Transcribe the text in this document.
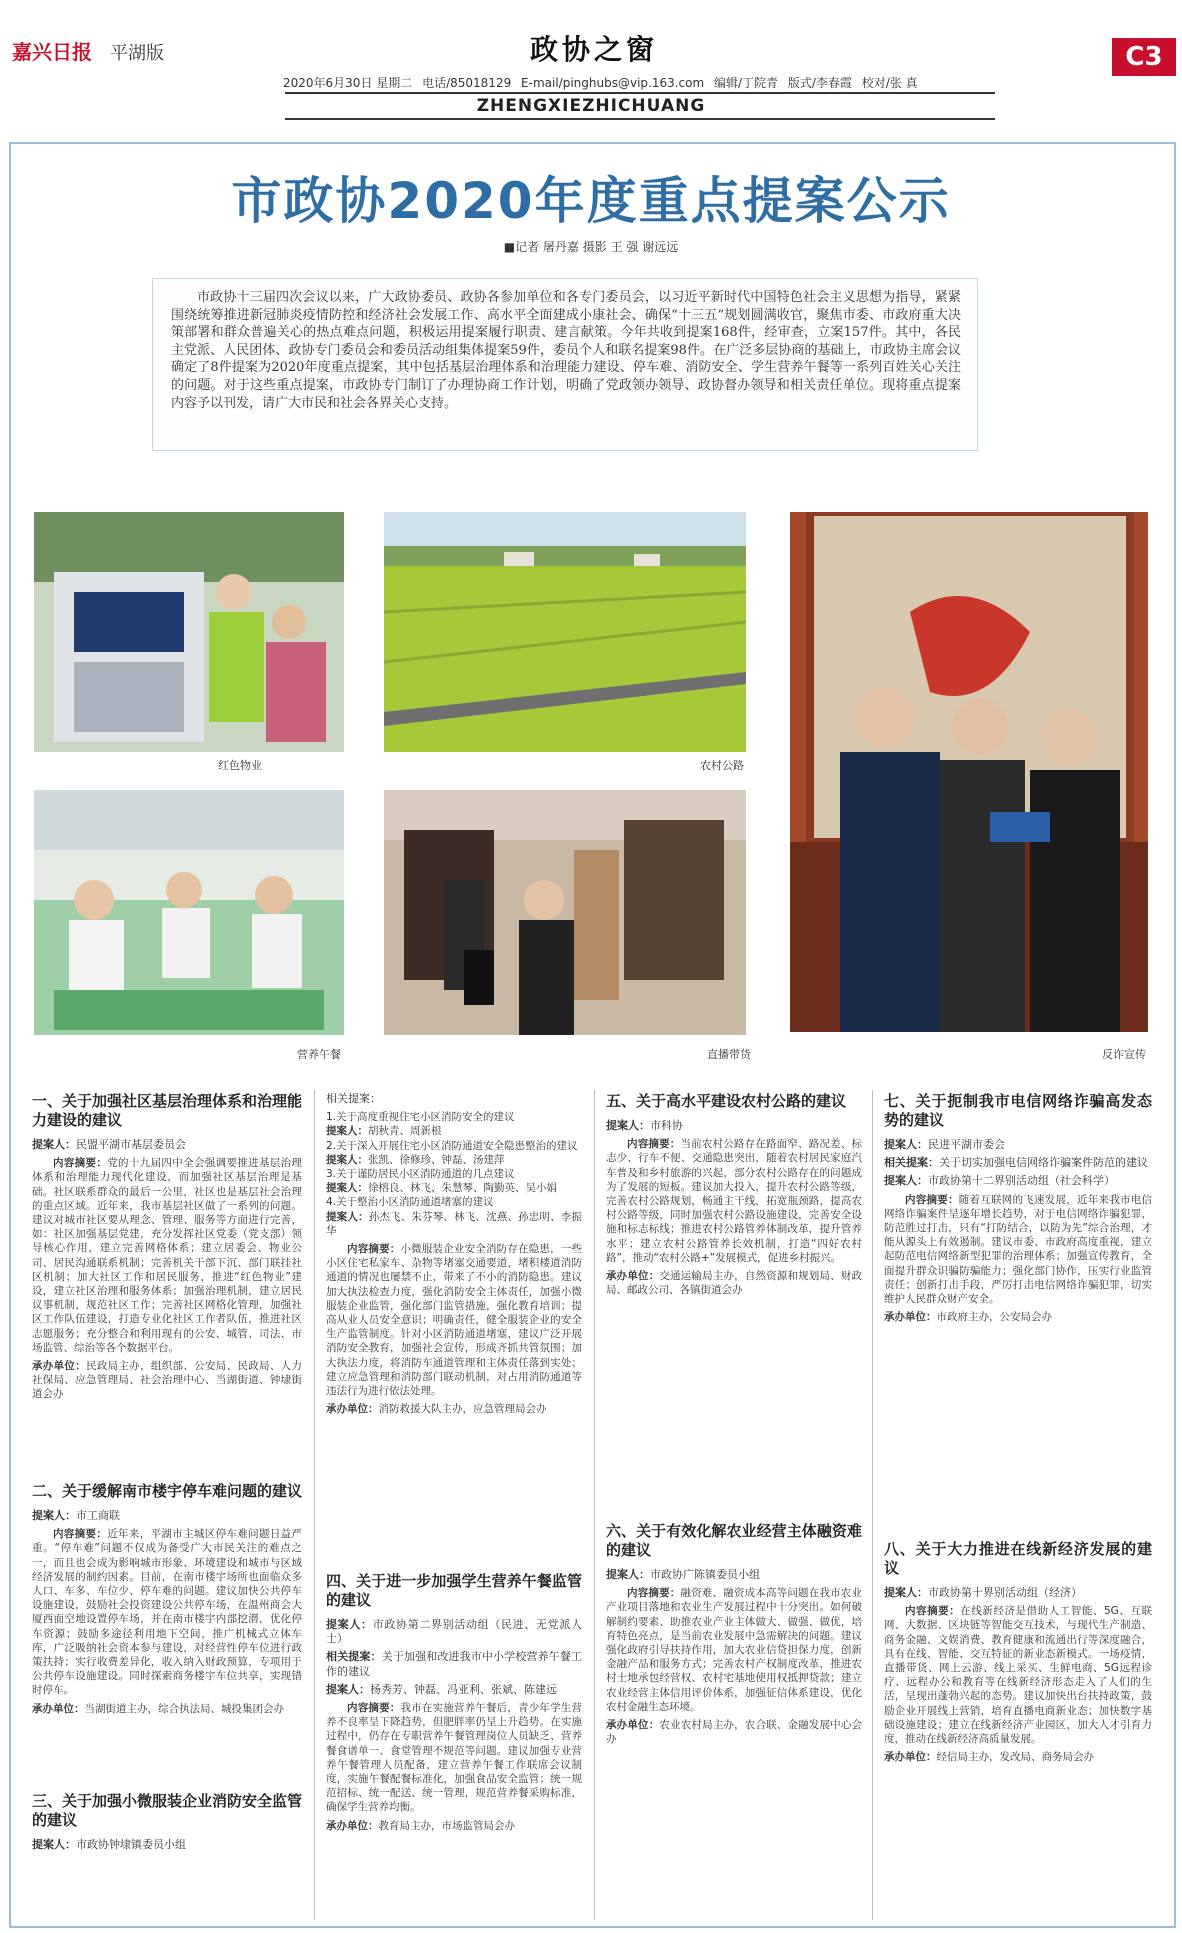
嘉兴日报 平湖版	政协之窗	C3
2020年6月30日 星期二 电话/85018129 E-mail/pinghubs@vip.163.com 编辑/丁院青 版式/李春霞 校对/张 真
ZHENGXIEZHICHUANG
市政协2020年度重点提案公示
■记者 屠丹嘉 摄影 王 强 谢远远
市政协十三届四次会议以来，广大政协委员、政协各参加单位和各专门委员会，以习近平新时代中国特色社会主义思想为指导，紧紧围绕统筹推进新冠肺炎疫情防控和经济社会发展工作、高水平全面建成小康社会、确保“十三五”规划圆满收官，聚焦市委、市政府重大决策部署和群众普遍关心的热点难点问题，积极运用提案履行职责、建言献策。今年共收到提案168件，经审查，立案157件。其中，各民主党派、人民团体、政协专门委员会和委员活动组集体提案59件，委员个人和联名提案98件。在广泛多层协商的基础上，市政协主席会议确定了8件提案为2020年度重点提案，其中包括基层治理体系和治理能力建设、停车难、消防安全、学生营养午餐等一系列百姓关心关注的问题。对于这些重点提案，市政协专门制订了办理协商工作计划，明确了党政领办领导、政协督办领导和相关责任单位。现将重点提案内容予以刊发，请广大市民和社会各界关心支持。
红色物业	农村公路
反诈宣传
营养午餐	直播带货
一、关于加强社区基层治理体系和治理能力建设的建议
提案人：民盟平湖市基层委员会
内容摘要：党的十九届四中全会强调要推进基层治理体系和治理能力现代化建设，而加强社区基层治理是基础。社区联系群众的最后一公里，社区也是基层社会治理的重点区域。近年来，我市基层社区做了一系列的问题。建议对城市社区要从理念、管理、服务等方面进行完善，如：社区加强基层党建，充分发挥社区党委（党支部）领导核心作用，建立完善网格体系；建立居委会、物业公司、居民沟通联系机制；完善机关干部下沉、部门联挂社区机制；加大社区工作和居民服务，推进“红色物业”建设，建立社区治理和服务体系；加强治理机制，建立居民议事机制，规范社区工作；完善社区网格化管理，加强社区工作队伍建设，打造专业化社区工作者队伍，推进社区志愿服务；充分整合和利用现有的公安、城管、司法、市场监管、综治等各个数据平台。
承办单位：民政局主办，组织部、公安局、民政局、人力社保局、应急管理局、社会治理中心、当湖街道、钟埭街道会办
二、关于缓解南市楼宇停车难问题的建议
提案人：市工商联
内容摘要：近年来，平湖市主城区停车难问题日益严重。“停车难”问题不仅成为备受广大市民关注的难点之一，而且也会成为影响城市形象、环境建设和城市与区域经济发展的制约因素。目前，在南市楼宇场所也面临众多人口、车多、车位少、停车难的问题。建议加快公共停车设施建设，鼓励社会投资建设公共停车场，在温州商会大厦西面空地设置停车场，并在南市楼宇内部挖潜，优化停车资源；鼓励多途径利用地下空间，推广机械式立体车库，广泛吸纳社会资本参与建设，对经营性停车位进行政策扶持；实行收费差异化，收入纳入财政预算，专项用于公共停车设施建设。同时探索商务楼宇车位共享，实现错时停车。
承办单位：当湖街道主办，综合执法局、城投集团会办
三、关于加强小微服装企业消防安全监管的建议
提案人：市政协钟埭镇委员小组
相关提案：
1.关于高度重视住宅小区消防安全的建议
提案人：胡秋青、周新根
2.关于深入开展住宅小区消防通道安全隐患整治的建议
提案人：张凯、徐修珍、钟磊、汤建萍
3.关于谨防居民小区消防通道的几点建议
提案人：徐榕良、林飞、朱慧琴、陶勤英、吴小娟
4.关于整治小区消防通道堵塞的建议
提案人：孙杰飞、朱芬琴、林飞、沈燕、孙忠明、李振华
内容摘要：小微服装企业安全消防存在隐患，一些小区住宅私家车、杂物等堵塞交通要道，堵积楼道消防通道的情况也屡禁不止，带来了不小的消防隐患。建议加大执法检查力度，强化消防安全主体责任，加强小微服装企业监管，强化部门监管措施，强化教育培训；提高从业人员安全意识；明确责任，健全服装企业的安全生产监管制度。针对小区消防通道堵塞，建议广泛开展消防安全教育，加强社会宣传，形成齐抓共管氛围；加大执法力度，将消防车通道管理和主体责任落到实处；建立应急管理和消防部门联动机制，对占用消防通道等违法行为进行依法处理。
承办单位：消防救援大队主办，应急管理局会办
四、关于进一步加强学生营养午餐监管的建议
提案人：市政协第二界别活动组（民进、无党派人士）
相关提案：关于加强和改进我市中小学校营养午餐工作的建议
提案人：杨秀芳、钟磊、冯亚利、张斌、陈建远
内容摘要：我市在实施营养午餐后，青少年学生营养不良率呈下降趋势，但肥胖率仍呈上升趋势。在实施过程中，仍存在专职营养午餐管理岗位人员缺乏、营养餐食谱单一、食堂管理不规范等问题。建议加强专业营养午餐管理人员配备，建立营养午餐工作联席会议制度，实施午餐配餐标准化，加强食品安全监管；统一规范招标、统一配送、统一管理，规范营养餐采购标准，确保学生营养均衡。
承办单位：教育局主办，市场监管局会办
五、关于高水平建设农村公路的建议
提案人：市科协
内容摘要：当前农村公路存在路面窄、路况差、标志少、行车不便、交通隐患突出，随着农村居民家庭汽车普及和乡村旅游的兴起，部分农村公路存在的问题成为了发展的短板。建议加大投入，提升农村公路等级，完善农村公路规划，畅通主干线，拓宽瓶颈路，提高农村公路等级，同时加强农村公路设施建设，完善安全设施和标志标线；推进农村公路管养体制改革，提升管养水平；建立农村公路管养长效机制，打造“四好农村路”，推动“农村公路+”发展模式，促进乡村振兴。
承办单位：交通运输局主办，自然资源和规划局、财政局、邮政公司、各镇街道会办
六、关于有效化解农业经营主体融资难的建议
提案人：市政协广陈镇委员小组
内容摘要：融资难、融资成本高等问题在我市农业产业项目落地和农业生产发展过程中十分突出。如何破解制约要素、助推农业产业主体做大、做强、做优，培育特色亮点，是当前农业发展中急需解决的问题。建议强化政府引导扶持作用，加大农业信贷担保力度，创新金融产品和服务方式；完善农村产权制度改革，推进农村土地承包经营权、农村宅基地使用权抵押贷款；建立农业经营主体信用评价体系，加强征信体系建设，优化农村金融生态环境。
承办单位：农业农村局主办，农合联、金融发展中心会办
七、关于扼制我市电信网络诈骗高发态势的建议
提案人：民进平湖市委会
相关提案：关于切实加强电信网络诈骗案件防范的建议
提案人：市政协第十二界别活动组（社会科学）
内容摘要：随着互联网的飞速发展，近年来我市电信网络诈骗案件呈逐年增长趋势，对于电信网络诈骗犯罪，防范胜过打击，只有“打防结合，以防为先”综合治理，才能从源头上有效遏制。建议市委、市政府高度重视，建立起防范电信网络新型犯罪的治理体系；加强宣传教育，全面提升群众识骗防骗能力；强化部门协作，压实行业监管责任；创新打击手段，严厉打击电信网络诈骗犯罪，切实维护人民群众财产安全。
承办单位：市政府主办，公安局会办
八、关于大力推进在线新经济发展的建议
提案人：市政协第十界别活动组（经济）
内容摘要：在线新经济是借助人工智能、5G、互联网、大数据、区块链等智能交互技术，与现代生产制造、商务金融、文娱消费、教育健康和流通出行等深度融合，具有在线、智能、交互特征的新业态新模式。一场疫情，直播带货、网上云游、线上采买、生鲜电商、5G远程诊疗、远程办公和教育等在线新经济形态走入了人们的生活，呈现出蓬勃兴起的态势。建议加快出台扶持政策，鼓励企业开展线上营销，培育直播电商新业态；加快数字基础设施建设；建立在线新经济产业园区，加大人才引育力度，推动在线新经济高质量发展。
承办单位：经信局主办，发改局、商务局会办
